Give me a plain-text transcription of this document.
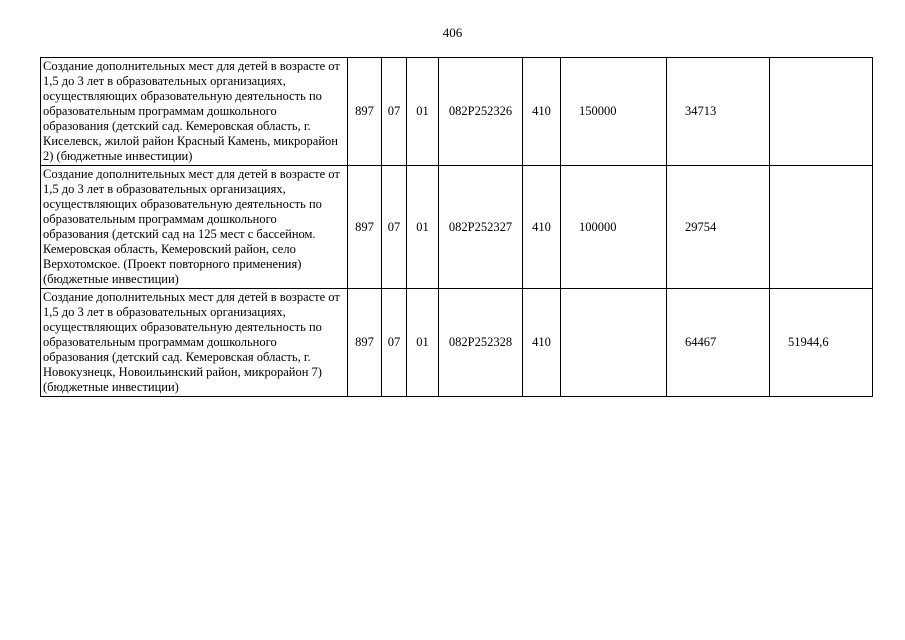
406
Создание дополнительных мест для детей в возрасте от 1,5 до 3 лет в образовательных организациях, осуществляющих образовательную деятельность по образовательным программам дошкольного образования (детский сад. Кемеровская область, г. Киселевск, жилой район Красный Камень, микрорайон 2) (бюджетные инвестиции)	897	07	01	082P252326	410	150000	34713	
Создание дополнительных мест для детей в возрасте от 1,5 до 3 лет в образовательных организациях, осуществляющих образовательную деятельность по образовательным программам дошкольного образования (детский сад на 125 мест с бассейном. Кемеровская область, Кемеровский район, село Верхотомское. (Проект повторного применения) (бюджетные инвестиции)	897	07	01	082P252327	410	100000	29754	
Создание дополнительных мест для детей в возрасте от 1,5 до 3 лет в образовательных организациях, осуществляющих образовательную деятельность по образовательным программам дошкольного образования (детский сад. Кемеровская область, г. Новокузнецк, Новоильинский район, микрорайон 7) (бюджетные инвестиции)	897	07	01	082P252328	410		64467	51944,6
